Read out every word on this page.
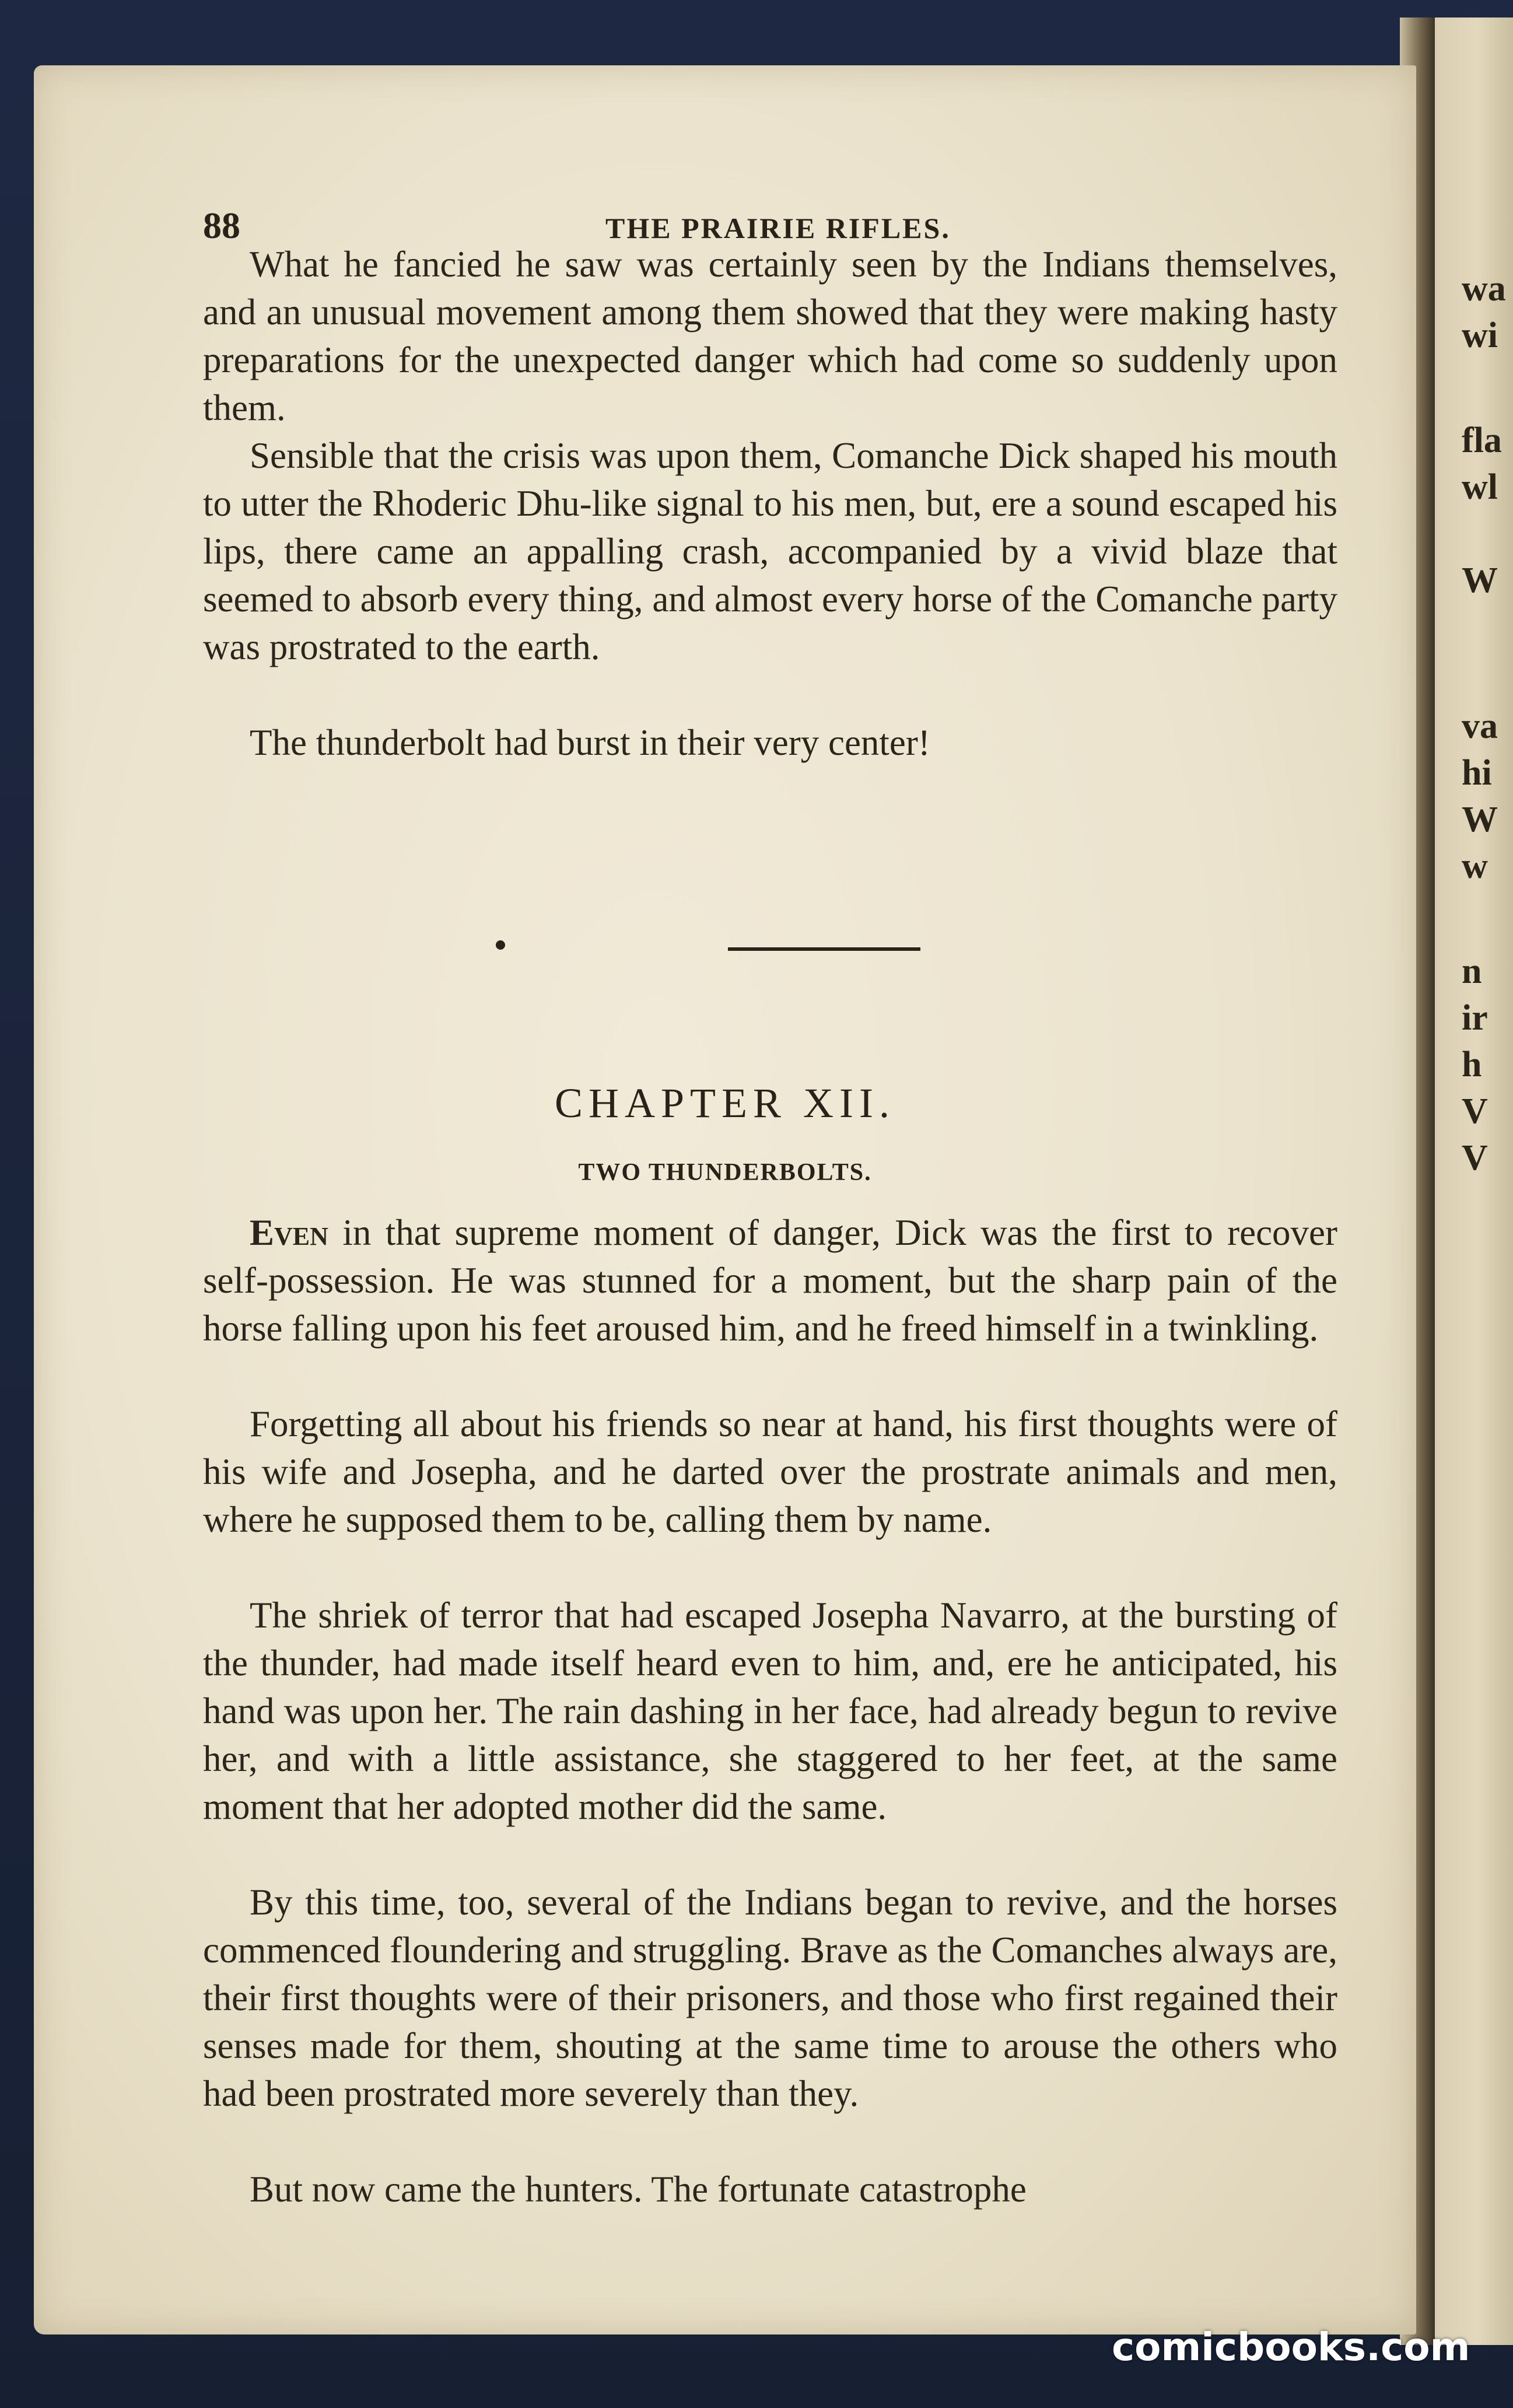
wa
wi
fla
wl
W
va
hi
W
w
n
ir
h
V
V
88	THE PRAIRIE RIFLES.

What he fancied he saw was certainly seen by the Indians themselves, and an unusual movement among them showed that they were making hasty preparations for the unexpected danger which had come so suddenly upon them.

Sensible that the crisis was upon them, Comanche Dick shaped his mouth to utter the Rhoderic Dhu-like signal to his men, but, ere a sound escaped his lips, there came an appalling crash, accompanied by a vivid blaze that seemed to absorb every thing, and almost every horse of the Comanche party was prostrated to the earth.

The thunderbolt had burst in their very center!

CHAPTER XII.
TWO THUNDERBOLTS.

Even in that supreme moment of danger, Dick was the first to recover self-possession. He was stunned for a moment, but the sharp pain of the horse falling upon his feet aroused him, and he freed himself in a twinkling.

Forgetting all about his friends so near at hand, his first thoughts were of his wife and Josepha, and he darted over the prostrate animals and men, where he supposed them to be, calling them by name.

The shriek of terror that had escaped Josepha Navarro, at the bursting of the thunder, had made itself heard even to him, and, ere he anticipated, his hand was upon her. The rain dashing in her face, had already begun to revive her, and with a little assistance, she staggered to her feet, at the same moment that her adopted mother did the same.

By this time, too, several of the Indians began to revive, and the horses commenced floundering and struggling. Brave as the Comanches always are, their first thoughts were of their prisoners, and those who first regained their senses made for them, shouting at the same time to arouse the others who had been prostrated more severely than they.

But now came the hunters. The fortunate catastrophe

comicbooks.com
